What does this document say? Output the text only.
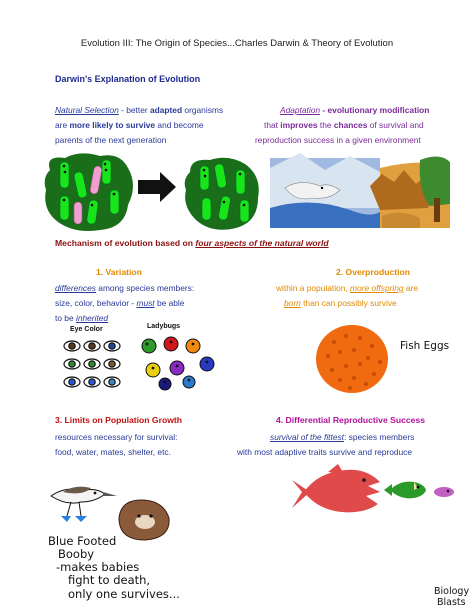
Evolution III: The Origin of Species...Charles Darwin & Theory of Evolution
Darwin's Explanation of Evolution
Natural Selection - better adapted organisms
are more likely to survive and become
parents of the next generation
Adaptation - evolutionary modification
that improves the chances of survival and
reproduction success in a given environment
Mechanism of evolution based on four aspects of the natural world
1. Variation
differences among species members:
size, color, behavior - must be able
to be inherited
Eye Color	Ladybugs
2. Overproduction
within a population, more offspring are
born than can possibly survive
Fish Eggs
3. Limits on Population Growth
resources necessary for survival:
food, water, mates, shelter, etc.
4. Differential Reproductive Success
survival of the fittest: species members
with most adaptive traits survive and reproduce
Blue Footed
Booby
-makes babies
fight to death,
only one survives...	Biology
Blasts
